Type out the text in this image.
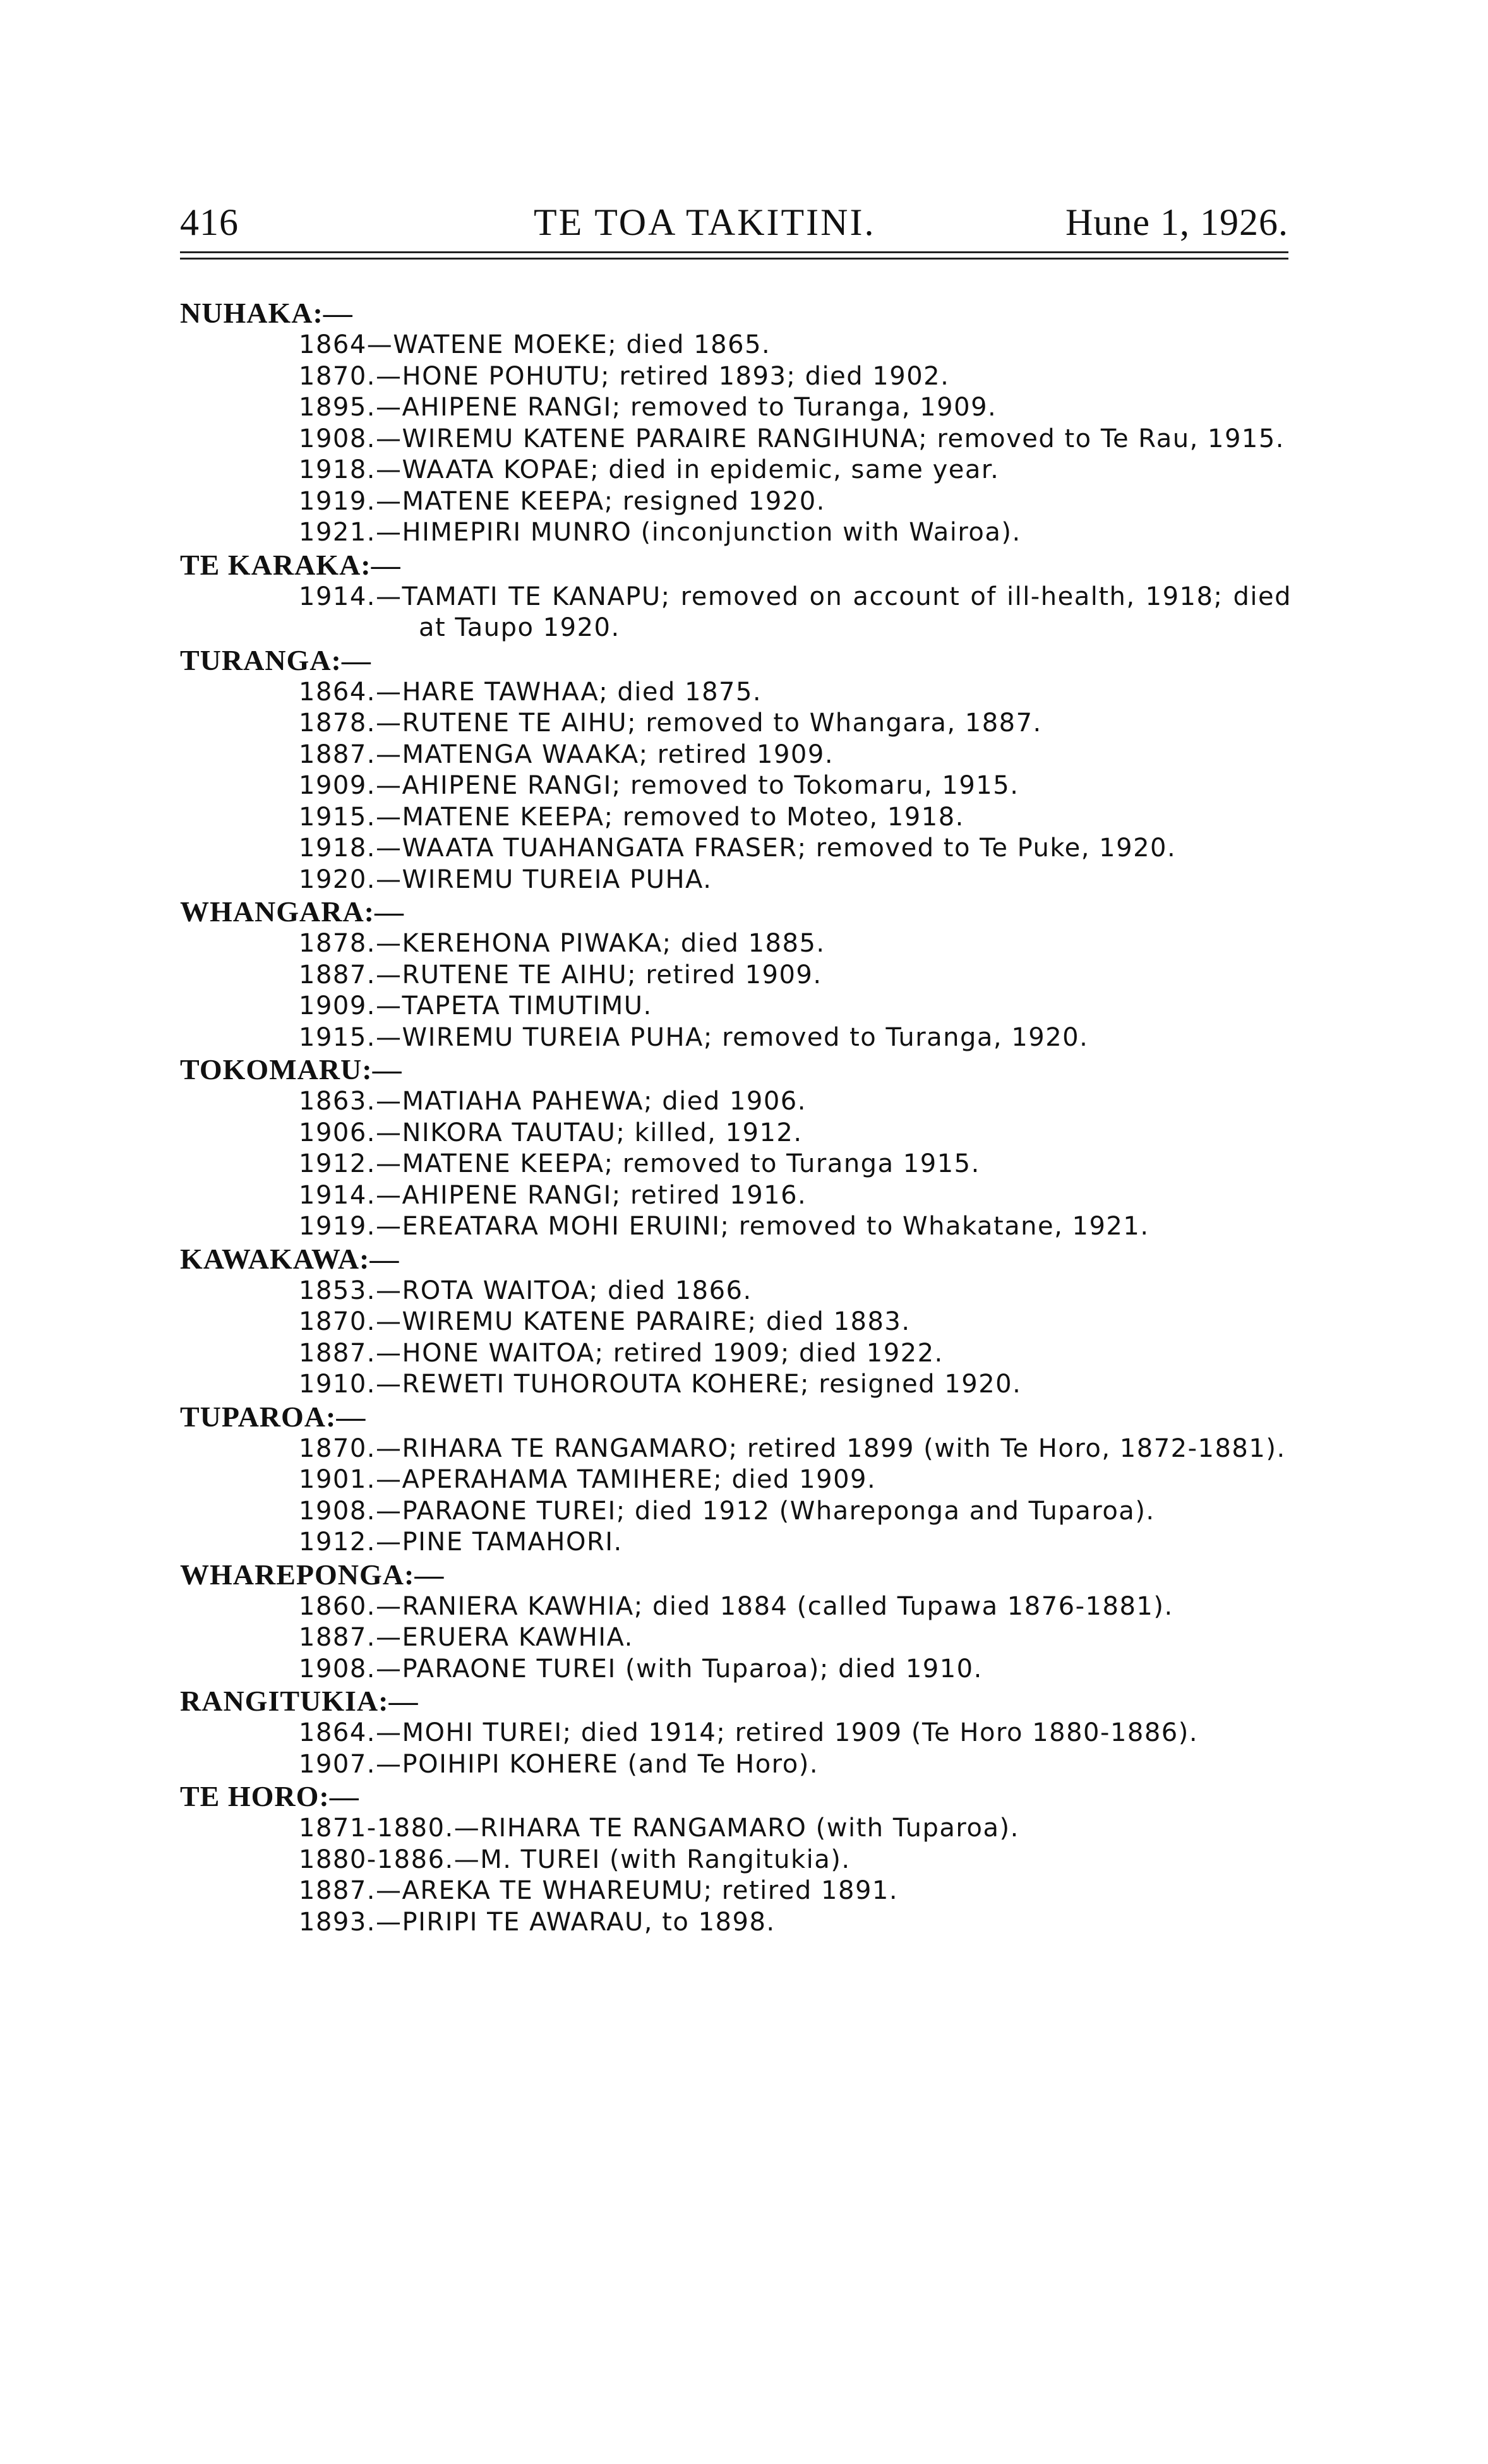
416	TE TOA TAKITINI.	Hune 1, 1926.
NUHAKA:—
1864—WATENE MOEKE; died 1865.
1870.—HONE POHUTU; retired 1893; died 1902.
1895.—AHIPENE RANGI; removed to Turanga, 1909.
1908.—WIREMU KATENE PARAIRE RANGIHUNA; removed to Te Rau, 1915.
1918.—WAATA KOPAE; died in epidemic, same year.
1919.—MATENE KEEPA; resigned 1920.
1921.—HIMEPIRI MUNRO (inconjunction with Wairoa).
TE KARAKA:—
1914.—TAMATI TE KANAPU; removed on account of ill-health, 1918; died at Taupo 1920.
TURANGA:—
1864.—HARE TAWHAA; died 1875.
1878.—RUTENE TE AIHU; removed to Whangara, 1887.
1887.—MATENGA WAAKA; retired 1909.
1909.—AHIPENE RANGI; removed to Tokomaru, 1915.
1915.—MATENE KEEPA; removed to Moteo, 1918.
1918.—WAATA TUAHANGATA FRASER; removed to Te Puke, 1920.
1920.—WIREMU TUREIA PUHA.
WHANGARA:—
1878.—KEREHONA PIWAKA; died 1885.
1887.—RUTENE TE AIHU; retired 1909.
1909.—TAPETA TIMUTIMU.
1915.—WIREMU TUREIA PUHA; removed to Turanga, 1920.
TOKOMARU:—
1863.—MATIAHA PAHEWA; died 1906.
1906.—NIKORA TAUTAU; killed, 1912.
1912.—MATENE KEEPA; removed to Turanga 1915.
1914.—AHIPENE RANGI; retired 1916.
1919.—EREATARA MOHI ERUINI; removed to Whakatane, 1921.
KAWAKAWA:—
1853.—ROTA WAITOA; died 1866.
1870.—WIREMU KATENE PARAIRE; died 1883.
1887.—HONE WAITOA; retired 1909; died 1922.
1910.—REWETI TUHOROUTA KOHERE; resigned 1920.
TUPAROA:—
1870.—RIHARA TE RANGAMARO; retired 1899 (with Te Horo, 1872-1881).
1901.—APERAHAMA TAMIHERE; died 1909.
1908.—PARAONE TUREI; died 1912 (Whareponga and Tuparoa).
1912.—PINE TAMAHORI.
WHAREPONGA:—
1860.—RANIERA KAWHIA; died 1884 (called Tupawa 1876-1881).
1887.—ERUERA KAWHIA.
1908.—PARAONE TUREI (with Tuparoa); died 1910.
RANGITUKIA:—
1864.—MOHI TUREI; died 1914; retired 1909 (Te Horo 1880-1886).
1907.—POIHIPI KOHERE (and Te Horo).
TE HORO:—
1871-1880.—RIHARA TE RANGAMARO (with Tuparoa).
1880-1886.—M. TUREI (with Rangitukia).
1887.—AREKA TE WHAREUMU; retired 1891.
1893.—PIRIPI TE AWARAU, to 1898.
